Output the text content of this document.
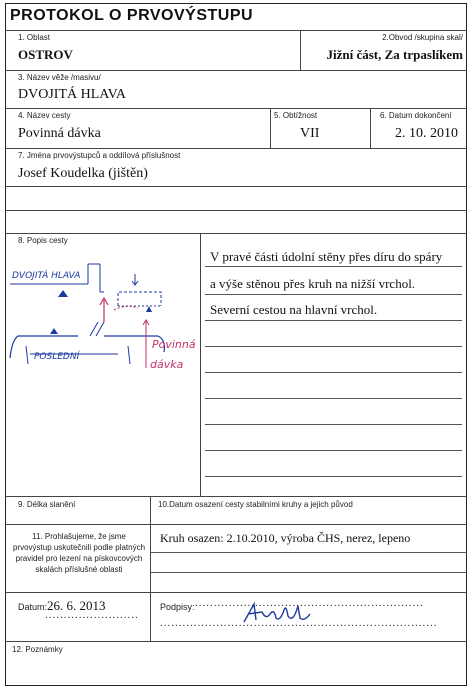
PROTOKOL O PRVOVÝSTUPU
1. Oblast
OSTROV
2.Obvod /skupina skal/
Jižní část, Za trpaslíkem
3. Název věže /masivu/
DVOJITÁ HLAVA
4. Název cesty
Povinná dávka
5. Obtížnost
VII
6. Datum dokončení
2. 10. 2010
7. Jména prvovýstupců a oddílová příslušnost
Josef Koudelka (jištěn)
8. Popis cesty
V pravé části údolní stěny přes díru do spáry
a výše stěnou přes kruh na nižší vrchol.
Severní cestou na hlavní vrchol.
DVOJITÁ HLAVA
POSLEDNÍ
Povinná
dávka
9. Délka slanění	10.Datum osazení cesty stabilními kruhy a jejich původ
11. Prohlašujeme, že jsme prvovýstup uskutečnili podle platných pravidel pro lezení na pískovcových skalách příslušné oblasti
Kruh osazen: 2.10.2010, výroba ČHS, nerez, lepeno
Datum: 26. 6. 2013
.........................
Podpisy: .............................................................
..........................................................................
12. Poznámky
